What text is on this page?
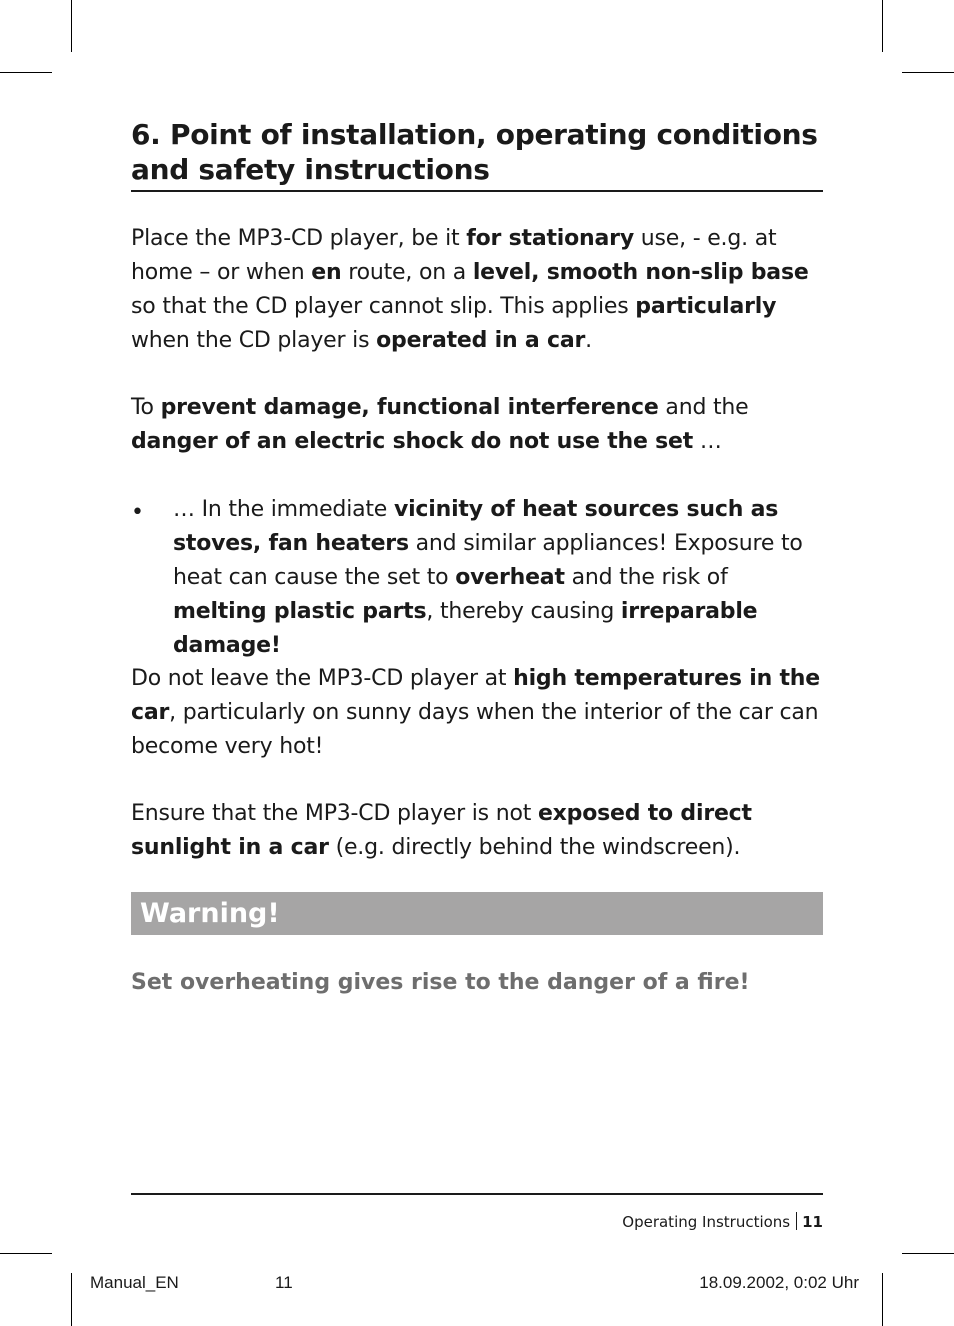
6. Point of installation, operating conditions and safety instructions

Place the MP3-CD player, be it for stationary use, - e.g. at home – or when en route, on a level, smooth non-slip base so that the CD player cannot slip. This applies particularly when the CD player is operated in a car.

To prevent damage, functional interference and the danger of an electric shock do not use the set …

• … In the immediate vicinity of heat sources such as stoves, fan heaters and similar appliances! Exposure to heat can cause the set to overheat and the risk of melting plastic parts, thereby causing irreparable damage!

Do not leave the MP3-CD player at high temperatures in the car, particularly on sunny days when the interior of the car can become very hot!

Ensure that the MP3-CD player is not exposed to direct sunlight in a car (e.g. directly behind the windscreen).

Warning!

Set overheating gives rise to the danger of a ﬁre!

Operating Instructions 11
Manual_EN	11	18.09.2002, 0:02 Uhr
